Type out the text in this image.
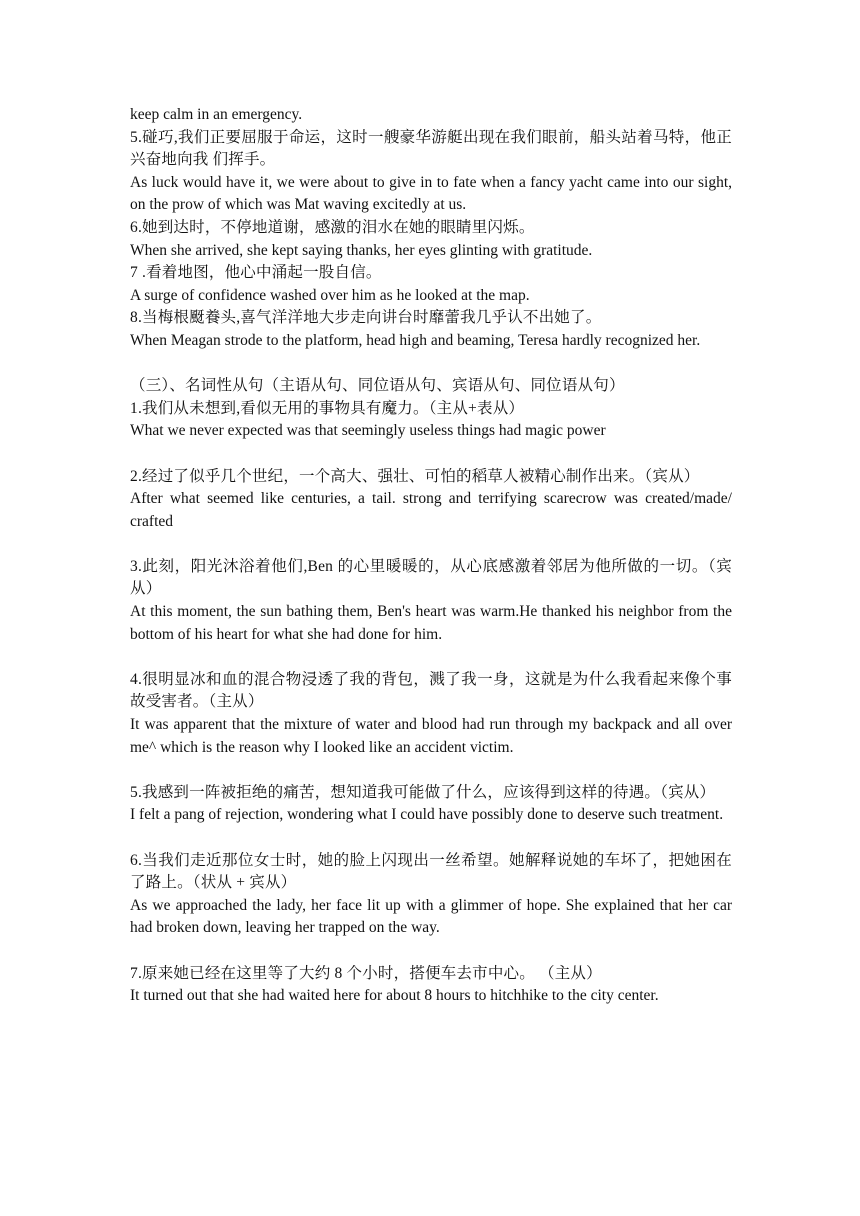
keep calm in an emergency.

5.碰巧,我们正要屈服于命运，这时一艘豪华游艇出现在我们眼前，船头站着马特，他正兴奋地向我 们挥手。

As luck would have it, we were about to give in to fate when a fancy yacht came into our sight, on the prow of which was Mat waving excitedly at us.

6.她到达时，不停地道谢，感激的泪水在她的眼睛里闪烁。

When she arrived, she kept saying thanks, her eyes glinting with gratitude.

7 .看着地图，他心中涌起一股自信。

A surge of confidence washed over him as he looked at the map.

8.当梅根颬養头,喜气洋洋地大步走向讲台时靡蕾我几乎认不出她了。

When Meagan strode to the platform, head high and beaming, Teresa hardly recognized her.

（三）、名词性从句（主语从句、同位语从句、宾语从句、同位语从句）

1.我们从未想到,看似无用的事物具有魔力。（主从+表从）

What we never expected was that seemingly useless things had magic power

2.经过了似乎几个世纪，一个高大、强壮、可怕的稻草人被精心制作出来。（宾从）

After what seemed like centuries, a tail. strong and terrifying scarecrow was created/made/ crafted

3.此刻，阳光沐浴着他们,Ben 的心里暖暖的，从心底感激着邻居为他所做的一切。（宾从）

At this moment, the sun bathing them, Ben's heart was warm.He thanked his neighbor from the bottom of his heart for what she had done for him.

4.很明显冰和血的混合物浸透了我的背包，溅了我一身，这就是为什么我看起来像个事故受害者。（主从）

It was apparent that the mixture of water and blood had run through my backpack and all over me^ which is the reason why I looked like an accident victim.

5.我感到一阵被拒绝的痛苦，想知道我可能做了什么，应该得到这样的待遇。（宾从）

I felt a pang of rejection, wondering what I could have possibly done to deserve such treatment.

6.当我们走近那位女士时，她的脸上闪现出一丝希望。她解释说她的车坏了，把她困在了路上。（状从 + 宾从）

As we approached the lady, her face lit up with a glimmer of hope. She explained that her car had broken down, leaving her trapped on the way.

7.原来她已经在这里等了大约 8 个小时，搭便车去市中心。 （主从）

It turned out that she had waited here for about 8 hours to hitchhike to the city center.
